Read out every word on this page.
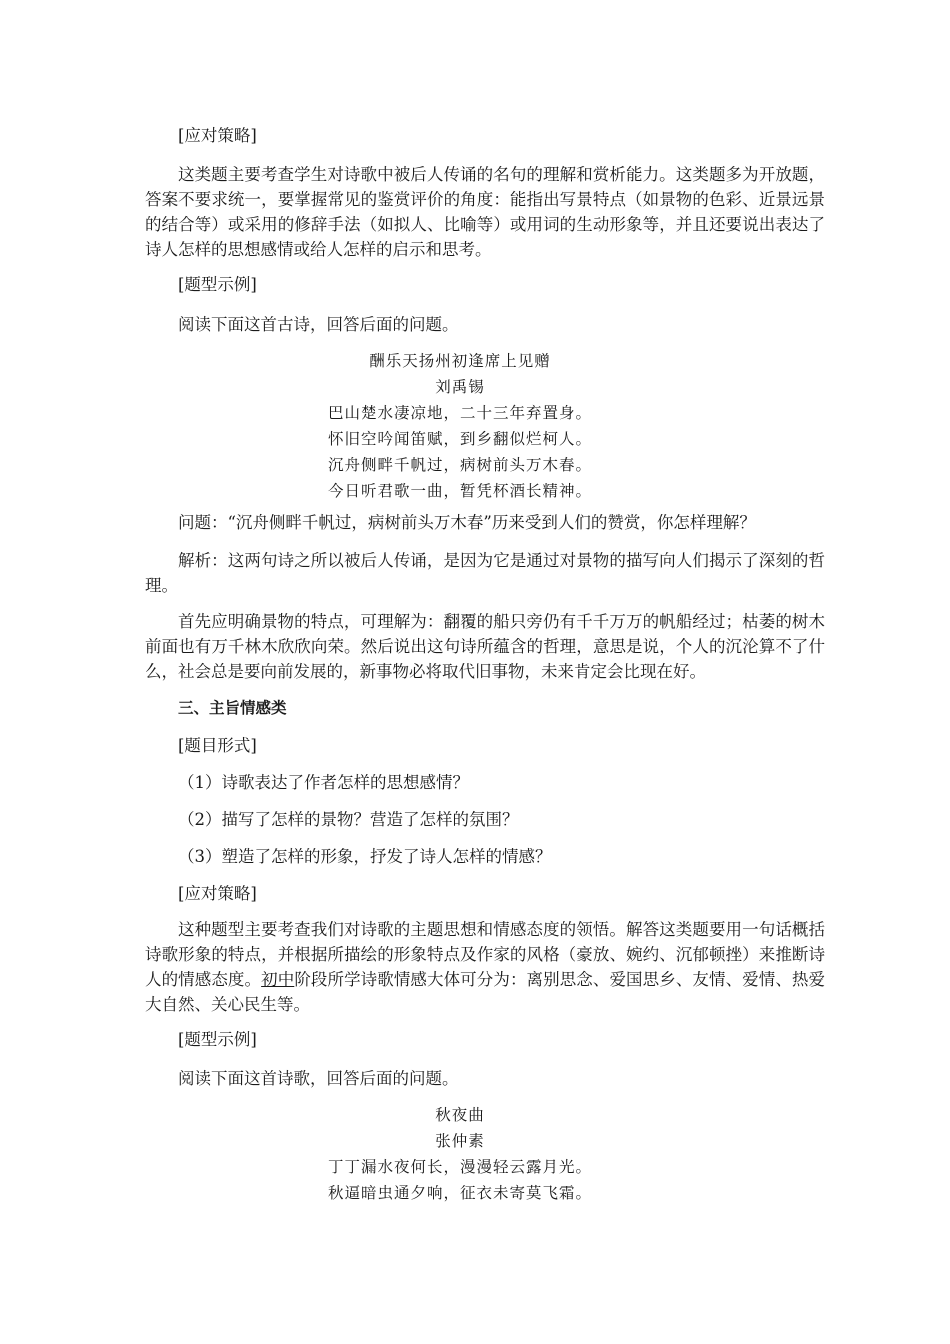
[应对策略]

这类题主要考查学生对诗歌中被后人传诵的名句的理解和赏析能力。这类题多为开放题，答案不要求统一，要掌握常见的鉴赏评价的角度：能指出写景特点（如景物的色彩、近景远景的结合等）或采用的修辞手法（如拟人、比喻等）或用词的生动形象等，并且还要说出表达了诗人怎样的思想感情或给人怎样的启示和思考。

[题型示例]

阅读下面这首古诗，回答后面的问题。

酬乐天扬州初逢席上见赠
刘禹锡
巴山楚水凄凉地，二十三年弃置身。
怀旧空吟闻笛赋，到乡翻似烂柯人。
沉舟侧畔千帆过，病树前头万木春。
今日听君歌一曲，暂凭杯酒长精神。

问题：“沉舟侧畔千帆过，病树前头万木春”历来受到人们的赞赏，你怎样理解？

解析：这两句诗之所以被后人传诵，是因为它是通过对景物的描写向人们揭示了深刻的哲理。

首先应明确景物的特点，可理解为：翻覆的船只旁仍有千千万万的帆船经过；枯萎的树木前面也有万千林木欣欣向荣。然后说出这句诗所蕴含的哲理，意思是说，个人的沉沦算不了什么，社会总是要向前发展的，新事物必将取代旧事物，未来肯定会比现在好。

三、主旨情感类

[题目形式]

（1）诗歌表达了作者怎样的思想感情？

（2）描写了怎样的景物？营造了怎样的氛围？

（3）塑造了怎样的形象，抒发了诗人怎样的情感？

[应对策略]

这种题型主要考查我们对诗歌的主题思想和情感态度的领悟。解答这类题要用一句话概括诗歌形象的特点，并根据所描绘的形象特点及作家的风格（豪放、婉约、沉郁顿挫）来推断诗人的情感态度。初中阶段所学诗歌情感大体可分为：离别思念、爱国思乡、友情、爱情、热爱大自然、关心民生等。

[题型示例]

阅读下面这首诗歌，回答后面的问题。

秋夜曲
张仲素
丁丁漏水夜何长，漫漫轻云露月光。
秋逼暗虫通夕响，征衣未寄莫飞霜。
